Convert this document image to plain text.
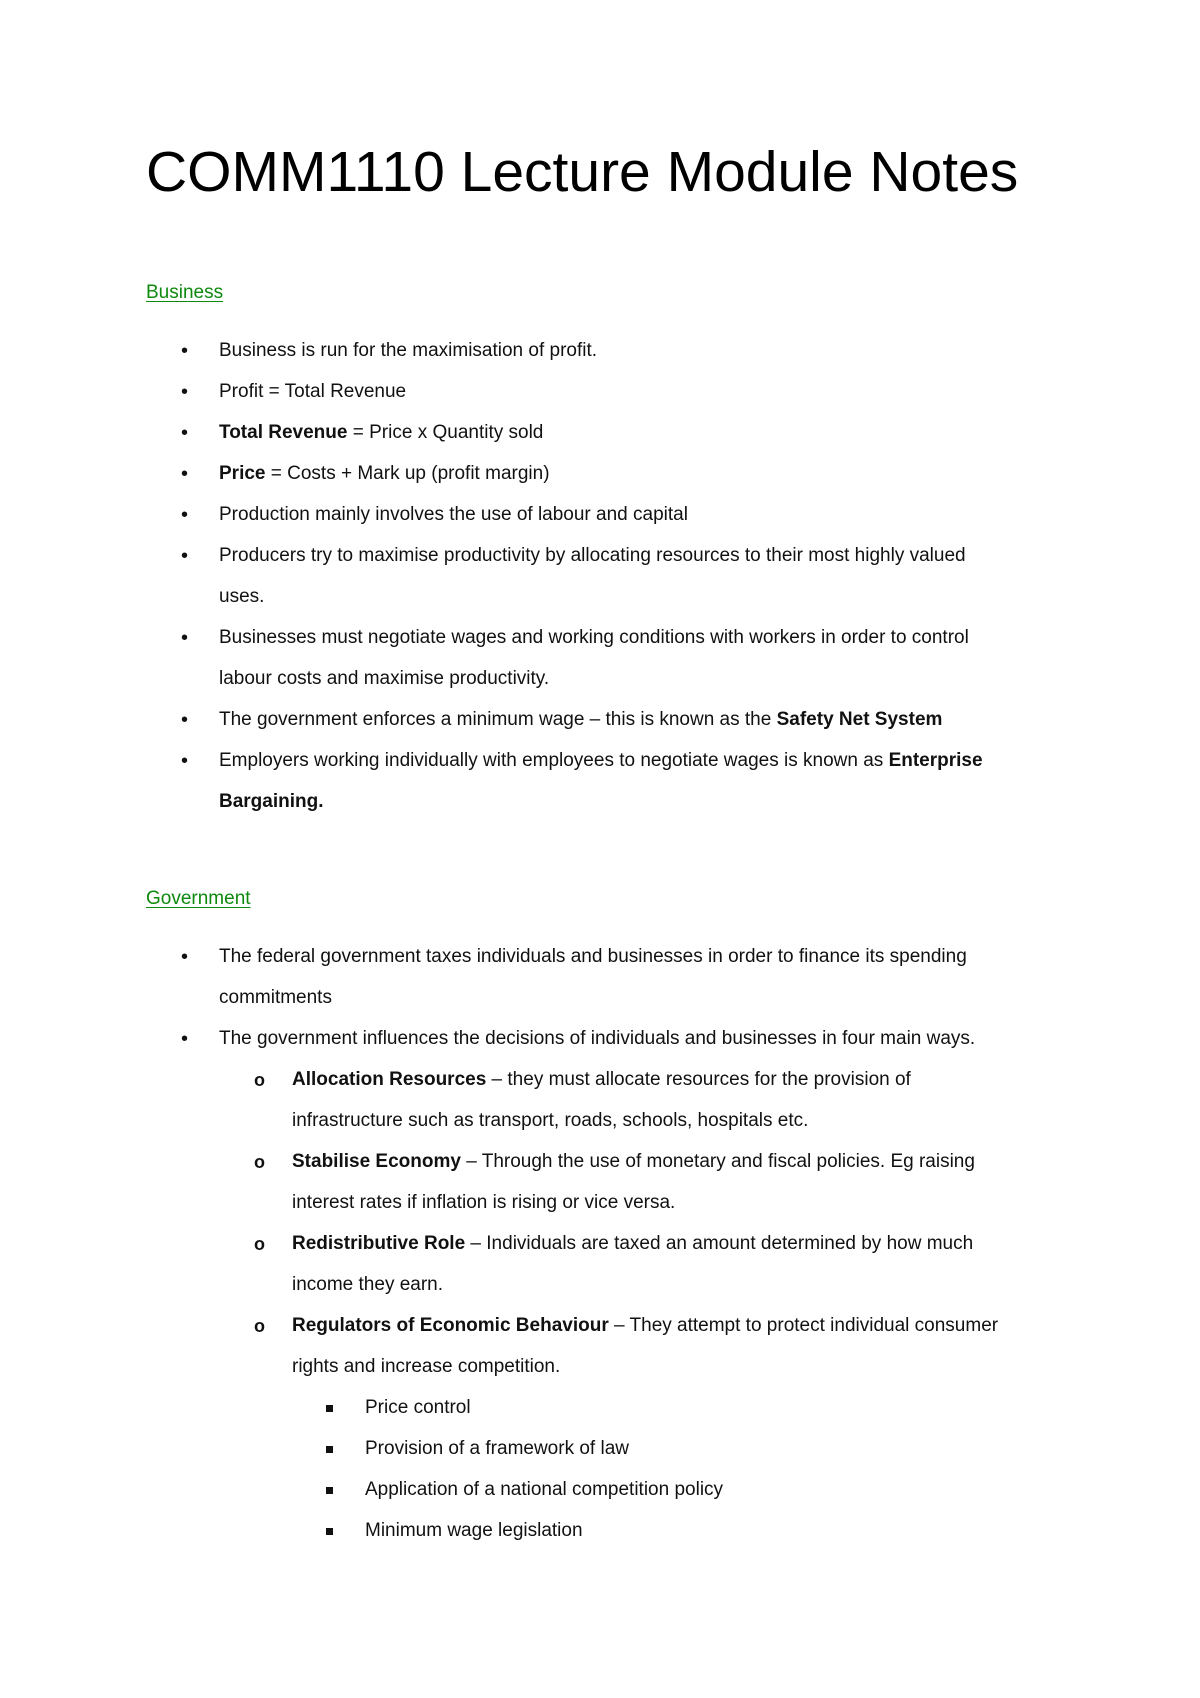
COMM1110 Lecture Module Notes

Business

• Business is run for the maximisation of profit.
• Profit = Total Revenue
• Total Revenue = Price x Quantity sold
• Price = Costs + Mark up (profit margin)
• Production mainly involves the use of labour and capital
• Producers try to maximise productivity by allocating resources to their most highly valued
uses.
• Businesses must negotiate wages and working conditions with workers in order to control
labour costs and maximise productivity.
• The government enforces a minimum wage – this is known as the Safety Net System
• Employers working individually with employees to negotiate wages is known as Enterprise
Bargaining.

Government

• The federal government taxes individuals and businesses in order to finance its spending
commitments
• The government influences the decisions of individuals and businesses in four main ways.
o Allocation Resources – they must allocate resources for the provision of
infrastructure such as transport, roads, schools, hospitals etc.
o Stabilise Economy – Through the use of monetary and fiscal policies. Eg raising
interest rates if inflation is rising or vice versa.
o Redistributive Role – Individuals are taxed an amount determined by how much
income they earn.
o Regulators of Economic Behaviour – They attempt to protect individual consumer
rights and increase competition.
Price control
Provision of a framework of law
Application of a national competition policy
Minimum wage legislation
